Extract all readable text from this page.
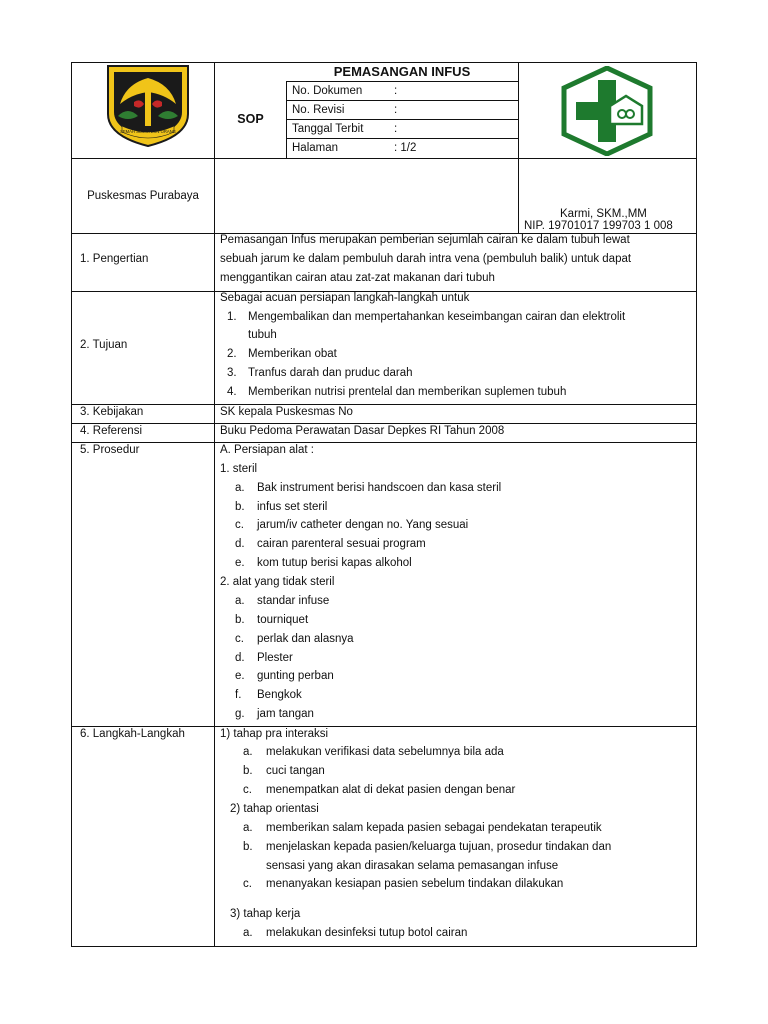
SEMAH SUMIH LON ORANG
PEMASANGAN INFUS
SOP
No. Dokumen	:
No. Revisi	:
Tanggal Terbit	:
Halaman	: 1/2
Puskesmas Purabaya
Karmi, SKM.,MM
NIP. 19701017 199703 1 008
1. Pengertian
Pemasangan Infus merupakan pemberian sejumlah cairan ke dalam tubuh lewat
sebuah jarum ke dalam pembuluh darah intra vena (pembuluh balik) untuk dapat
menggantikan cairan atau zat-zat makanan dari tubuh
2. Tujuan
Sebagai acuan persiapan langkah-langkah untuk
1. Mengembalikan dan mempertahankan keseimbangan cairan dan elektrolit
tubuh
2. Memberikan obat
3. Tranfus darah dan pruduc darah
4. Memberikan nutrisi prentelal dan memberikan suplemen tubuh
3. Kebijakan	SK kepala Puskesmas No
4. Referensi	Buku Pedoma Perawatan Dasar Depkes RI Tahun 2008
5. Prosedur	A. Persiapan alat :
1. steril
a. Bak instrument berisi handscoen dan kasa steril
b. infus set steril
c. jarum/iv catheter dengan no. Yang sesuai
d. cairan parenteral sesuai program
e. kom tutup berisi kapas alkohol
2. alat yang tidak steril
a. standar infuse
b. tourniquet
c. perlak dan alasnya
d. Plester
e. gunting perban
f. Bengkok
g. jam tangan
6. Langkah-Langkah	1) tahap pra interaksi
a. melakukan verifikasi data sebelumnya bila ada
b. cuci tangan
c. menempatkan alat di dekat pasien dengan benar
2) tahap orientasi
a. memberikan salam kepada pasien sebagai pendekatan terapeutik
b. menjelaskan kepada pasien/keluarga tujuan, prosedur tindakan dan
sensasi yang akan dirasakan selama pemasangan infuse
c. menanyakan kesiapan pasien sebelum tindakan dilakukan
3) tahap kerja
a. melakukan desinfeksi tutup botol cairan
